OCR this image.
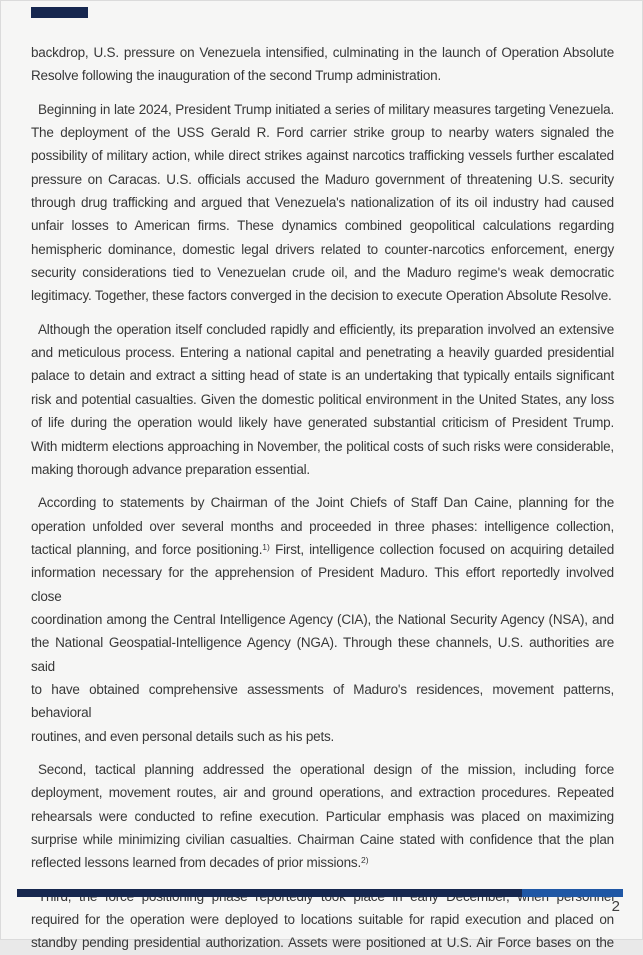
backdrop, U.S. pressure on Venezuela intensified, culminating in the launch of Operation Absolute
Resolve following the inauguration of the second Trump administration.
Beginning in late 2024, President Trump initiated a series of military measures targeting Venezuela.
The deployment of the USS Gerald R. Ford carrier strike group to nearby waters signaled the
possibility of military action, while direct strikes against narcotics trafficking vessels further escalated
pressure on Caracas. U.S. officials accused the Maduro government of threatening U.S. security
through drug trafficking and argued that Venezuela's nationalization of its oil industry had caused
unfair losses to American firms. These dynamics combined geopolitical calculations regarding
hemispheric dominance, domestic legal drivers related to counter-narcotics enforcement, energy
security considerations tied to Venezuelan crude oil, and the Maduro regime's weak democratic
legitimacy. Together, these factors converged in the decision to execute Operation Absolute Resolve.
Although the operation itself concluded rapidly and efficiently, its preparation involved an extensive
and meticulous process. Entering a national capital and penetrating a heavily guarded presidential
palace to detain and extract a sitting head of state is an undertaking that typically entails significant
risk and potential casualties. Given the domestic political environment in the United States, any loss
of life during the operation would likely have generated substantial criticism of President Trump.
With midterm elections approaching in November, the political costs of such risks were considerable,
making thorough advance preparation essential.
According to statements by Chairman of the Joint Chiefs of Staff Dan Caine, planning for the
operation unfolded over several months and proceeded in three phases: intelligence collection,
tactical planning, and force positioning.$^{1)}$ First, intelligence collection focused on acquiring detailed
information necessary for the apprehension of President Maduro. This effort reportedly involved close
coordination among the Central Intelligence Agency (CIA), the National Security Agency (NSA), and
the National Geospatial-Intelligence Agency (NGA). Through these channels, U.S. authorities are said
to have obtained comprehensive assessments of Maduro's residences, movement patterns, behavioral
routines, and even personal details such as his pets.
Second, tactical planning addressed the operational design of the mission, including force
deployment, movement routes, air and ground operations, and extraction procedures. Repeated
rehearsals were conducted to refine execution. Particular emphasis was placed on maximizing
surprise while minimizing civilian casualties. Chairman Caine stated with confidence that the plan
reflected lessons learned from decades of prior missions.$^{2)}$
required for the operation were deployed to locations suitable for rapid execution and placed on
standby pending presidential authorization. Assets were positioned at U.S. Air Force bases on the
2
